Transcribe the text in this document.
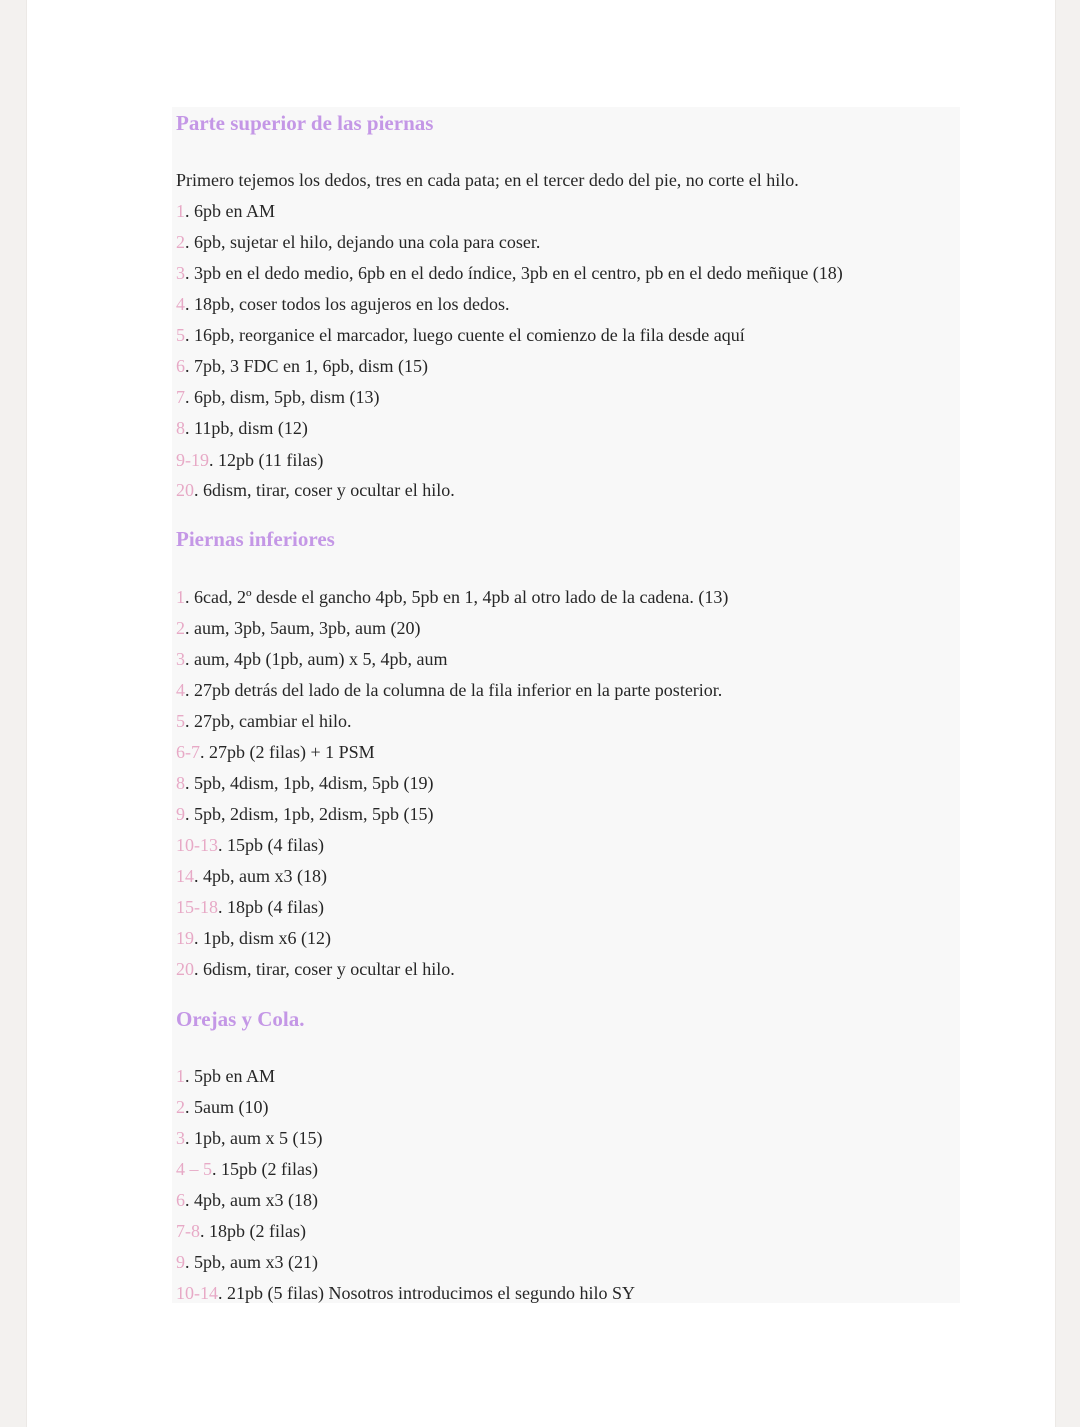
Parte superior de las piernas
Primero tejemos los dedos, tres en cada pata; en el tercer dedo del pie, no corte el hilo.
1. 6pb en AM
2. 6pb, sujetar el hilo, dejando una cola para coser.
3. 3pb en el dedo medio, 6pb en el dedo índice, 3pb en el centro, pb en el dedo meñique (18)
4. 18pb, coser todos los agujeros en los dedos.
5. 16pb, reorganice el marcador, luego cuente el comienzo de la fila desde aquí
6. 7pb, 3 FDC en 1, 6pb, dism (15)
7. 6pb, dism, 5pb, dism (13)
8. 11pb, dism (12)
9-19. 12pb (11 filas)
20. 6dism, tirar, coser y ocultar el hilo.
Piernas inferiores
1. 6cad, 2º desde el gancho 4pb, 5pb en 1, 4pb al otro lado de la cadena. (13)
2. aum, 3pb, 5aum, 3pb, aum (20)
3. aum, 4pb (1pb, aum) x 5, 4pb, aum
4. 27pb detrás del lado de la columna de la fila inferior en la parte posterior.
5. 27pb, cambiar el hilo.
6-7. 27pb (2 filas) + 1 PSM
8. 5pb, 4dism, 1pb, 4dism, 5pb (19)
9. 5pb, 2dism, 1pb, 2dism, 5pb (15)
10-13. 15pb (4 filas)
14. 4pb, aum x3 (18)
15-18. 18pb (4 filas)
19. 1pb, dism x6 (12)
20. 6dism, tirar, coser y ocultar el hilo.
Orejas y Cola.
1. 5pb en AM
2. 5aum (10)
3. 1pb, aum x 5 (15)
4 – 5. 15pb (2 filas)
6. 4pb, aum x3 (18)
7-8. 18pb (2 filas)
9. 5pb, aum x3 (21)
10-14. 21pb (5 filas) Nosotros introducimos el segundo hilo SY
